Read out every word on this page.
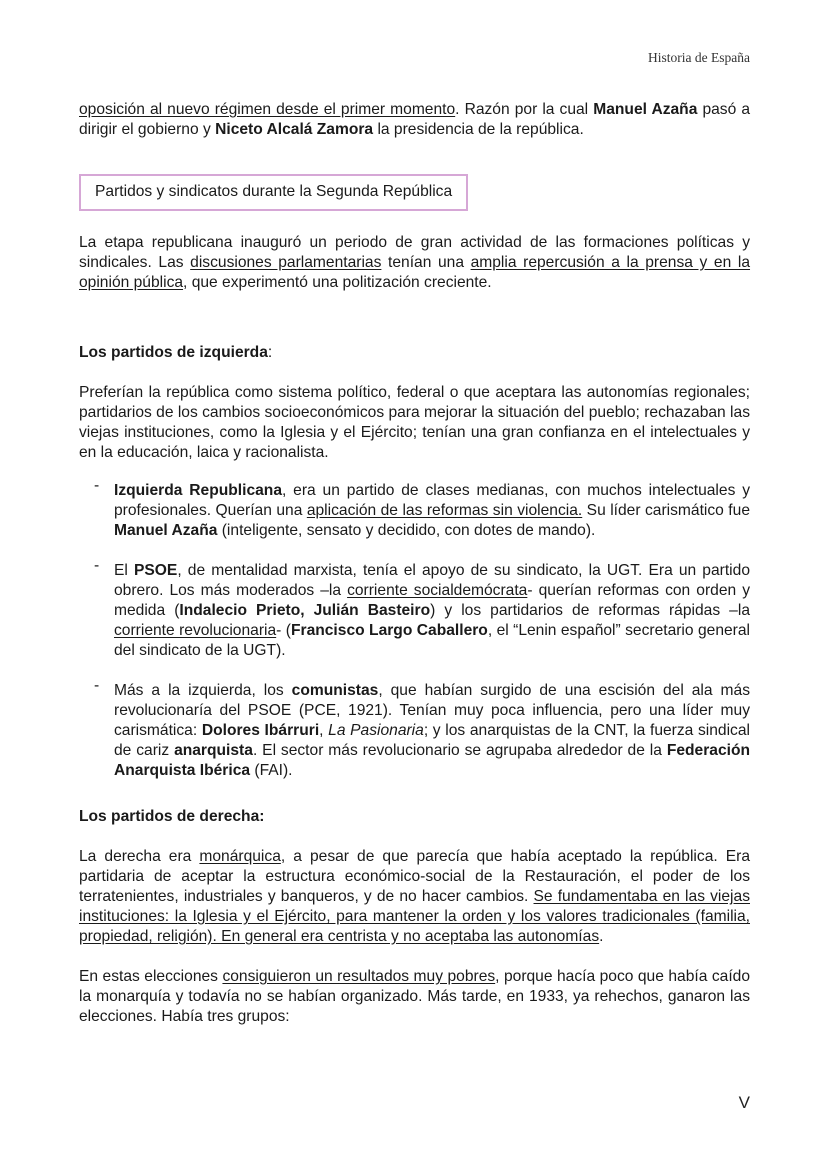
Historia de España

oposición al nuevo régimen desde el primer momento. Razón por la cual Manuel Azaña pasó a dirigir el gobierno y Niceto Alcalá Zamora la presidencia de la república.

Partidos y sindicatos durante la Segunda República

La etapa republicana inauguró un periodo de gran actividad de las formaciones políticas y sindicales. Las discusiones parlamentarias tenían una amplia repercusión a la prensa y en la opinión pública, que experimentó una politización creciente.

Los partidos de izquierda:

Preferían la república como sistema político, federal o que aceptara las autonomías regionales; partidarios de los cambios socioeconómicos para mejorar la situación del pueblo; rechazaban las viejas instituciones, como la Iglesia y el Ejército; tenían una gran confianza en el intelectuales y en la educación, laica y racionalista.

- Izquierda Republicana, era un partido de clases medianas, con muchos intelectuales y profesionales. Querían una aplicación de las reformas sin violencia. Su líder carismático fue Manuel Azaña (inteligente, sensato y decidido, con dotes de mando).

- El PSOE, de mentalidad marxista, tenía el apoyo de su sindicato, la UGT. Era un partido obrero. Los más moderados –la corriente socialdemócrata- querían reformas con orden y medida (Indalecio Prieto, Julián Basteiro) y los partidarios de reformas rápidas –la corriente revolucionaria- (Francisco Largo Caballero, el “Lenin español” secretario general del sindicato de la UGT).

- Más a la izquierda, los comunistas, que habían surgido de una escisión del ala más revolucionaría del PSOE (PCE, 1921). Tenían muy poca influencia, pero una líder muy carismática: Dolores Ibárruri, La Pasionaria; y los anarquistas de la CNT, la fuerza sindical de cariz anarquista. El sector más revolucionario se agrupaba alrededor de la Federación Anarquista Ibérica (FAI).

Los partidos de derecha:

La derecha era monárquica, a pesar de que parecía que había aceptado la república. Era partidaria de aceptar la estructura económico-social de la Restauración, el poder de los terratenientes, industriales y banqueros, y de no hacer cambios. Se fundamentaba en las viejas instituciones: la Iglesia y el Ejército, para mantener la orden y los valores tradicionales (familia, propiedad, religión). En general era centrista y no aceptaba las autonomías.

En estas elecciones consiguieron un resultados muy pobres, porque hacía poco que había caído la monarquía y todavía no se habían organizado. Más tarde, en 1933, ya rehechos, ganaron las elecciones. Había tres grupos:

V
